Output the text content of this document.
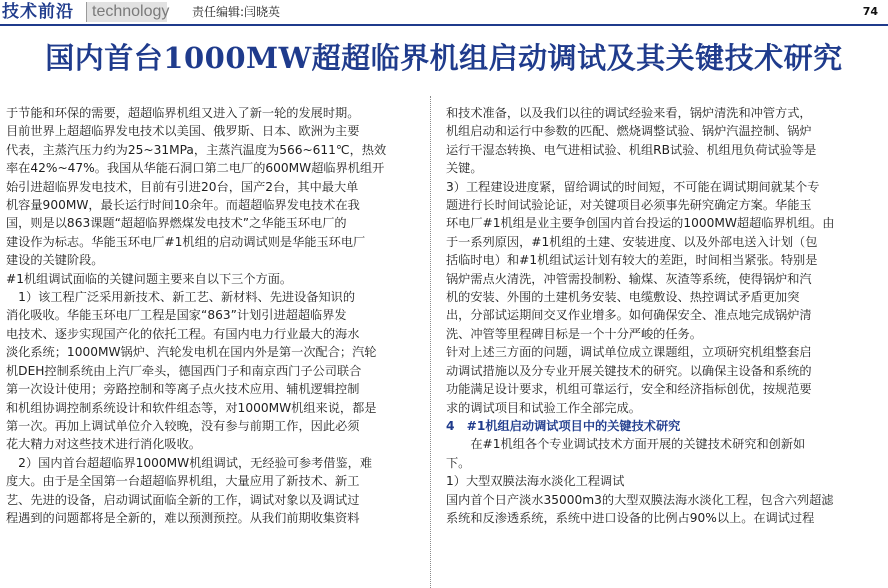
技术前沿 technology 责任编辑:闫晓英	74
国内首台1000MW超超临界机组启动调试及其关键技术研究

于节能和环保的需要，超超临界机组又进入了新一轮的发展时期。

目前世界上超超临界发电技术以美国、俄罗斯、日本、欧洲为主要

代表，主蒸汽压力约为25~31MPa，主蒸汽温度为566~611℃，热效

率在42%~47%。我国从华能石洞口第二电厂的600MW超临界机组开

始引进超临界发电技术，目前有引进20台，国产2台，其中最大单

机容量900MW，最长运行时间10余年。而超超临界发电技术在我

国，则是以863课题“超超临界燃煤发电技术”之华能玉环电厂的

建设作为标志。华能玉环电厂#1机组的启动调试则是华能玉环电厂

建设的关键阶段。

#1机组调试面临的关键问题主要来自以下三个方面。

　1）该工程广泛采用新技术、新工艺、新材料、先进设备知识的

消化吸收。华能玉环电厂工程是国家“863”计划引进超超临界发

电技术、逐步实现国产化的依托工程。有国内电力行业最大的海水

淡化系统；1000MW锅炉、汽轮发电机在国内外是第一次配合；汽轮

机DEH控制系统由上汽厂牵头，德国西门子和南京西门子公司联合

第一次设计使用；旁路控制和等离子点火技术应用、辅机逻辑控制

和机组协调控制系统设计和软件组态等，对1000MW机组来说，都是

第一次。再加上调试单位介入较晚，没有参与前期工作，因此必须

花大精力对这些技术进行消化吸收。

　2）国内首台超超临界1000MW机组调试，无经验可参考借鉴，难

度大。由于是全国第一台超超临界机组，大量应用了新技术、新工

艺、先进的设备，启动调试面临全新的工作，调试对象以及调试过

程遇到的问题都将是全新的，难以预测预控。从我们前期收集资料

和技术准备，以及我们以往的调试经验来看，锅炉清洗和冲管方式，

机组启动和运行中参数的匹配、燃烧调整试验、锅炉汽温控制、锅炉

运行干湿态转换、电气进相试验、机组RB试验、机组甩负荷试验等是

关键。

3）工程建设进度紧，留给调试的时间短，不可能在调试期间就某个专

题进行长时间试验论证，对关键项目必须事先研究确定方案。华能玉

环电厂#1机组是业主要争创国内首台投运的1000MW超超临界机组。由

于一系列原因，#1机组的土建、安装进度、以及外部电送入计划（包

括临时电）和#1机组试运计划有较大的差距，时间相当紧张。特别是

锅炉需点火清洗，冲管需投制粉、输煤、灰渣等系统，使得锅炉和汽

机的安装、外围的土建机务安装、电缆敷设、热控调试矛盾更加突

出，分部试运期间交叉作业增多。如何确保安全、准点地完成锅炉清

洗、冲管等里程碑目标是一个十分严峻的任务。

针对上述三方面的问题，调试单位成立课题组，立项研究机组整套启

动调试措施以及分专业开展关键技术的研究。以确保主设备和系统的

功能满足设计要求，机组可靠运行，安全和经济指标创优，按规范要

求的调试项目和试验工作全部完成。

4　#1机组启动调试项目中的关键技术研究

　　在#1机组各个专业调试技术方面开展的关键技术研究和创新如

下。

1）大型双膜法海水淡化工程调试

国内首个日产淡水35000m3的大型双膜法海水淡化工程，包含六列超滤

系统和反渗透系统，系统中进口设备的比例占90%以上。在调试过程
